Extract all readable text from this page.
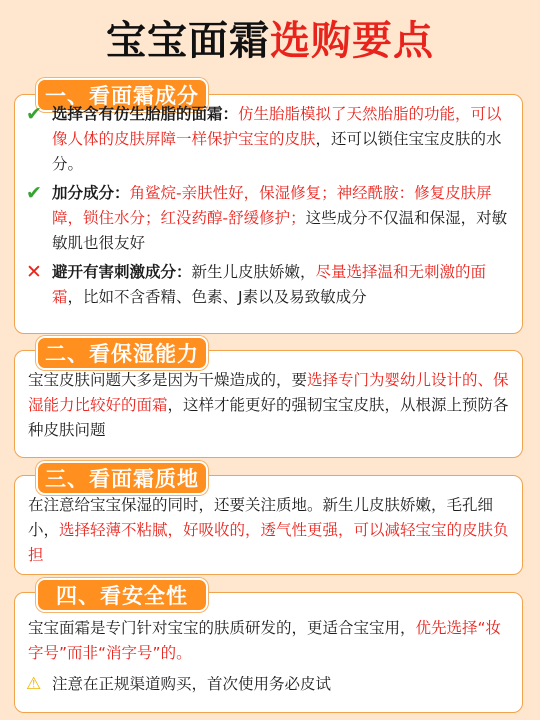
宝宝面霜选购要点
一、看面霜成分
✔ 选择含有仿生胎脂的面霜：仿生胎脂模拟了天然胎脂的功能，可以像人体的皮肤屏障一样保护宝宝的皮肤，还可以锁住宝宝皮肤的水分。

✔ 加分成分：角鲨烷-亲肤性好，保湿修复；神经酰胺：修复皮肤屏障，锁住水分；红没药醇-舒缓修护；这些成分不仅温和保湿，对敏敏肌也很友好

✕ 避开有害刺激成分：新生儿皮肤娇嫩，尽量选择温和无刺激的面霜，比如不含香精、色素、J素以及易致敏成分

二、看保湿能力

宝宝皮肤问题大多是因为干燥造成的，要选择专门为婴幼儿设计的、保湿能力比较好的面霜，这样才能更好的强韧宝宝皮肤，从根源上预防各种皮肤问题

三、看面霜质地

在注意给宝宝保湿的同时，还要关注质地。新生儿皮肤娇嫩，毛孔细小，选择轻薄不粘腻，好吸收的，透气性更强，可以减轻宝宝的皮肤负担

四、看安全性

宝宝面霜是专门针对宝宝的肤质研发的，更适合宝宝用，优先选择“妆字号”而非“消字号”的。

⚠ 注意在正规渠道购买，首次使用务必皮试
